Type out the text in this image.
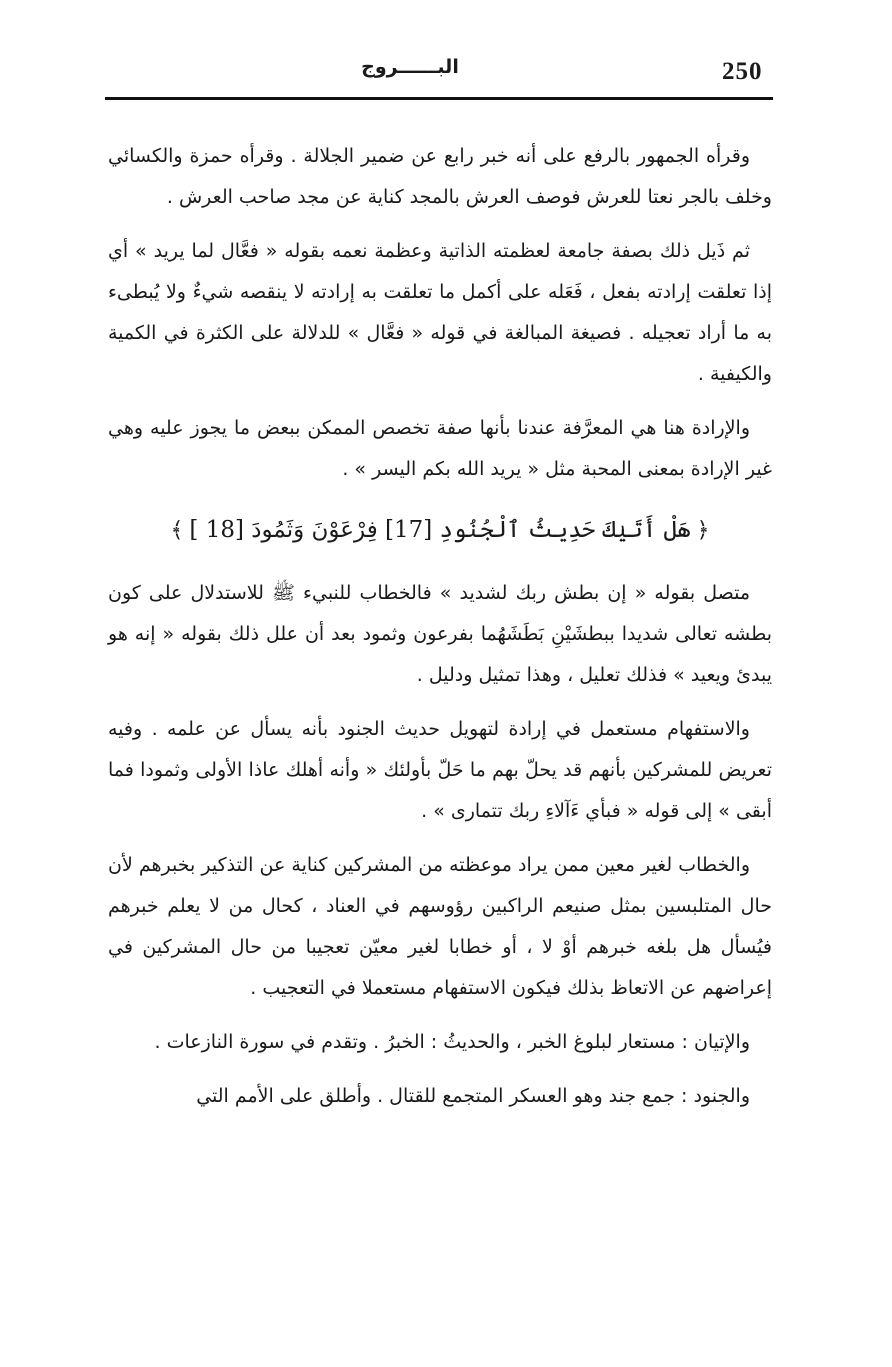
250
البــــــروج

وقرأه الجمهور بالرفع على أنه خبر رابع عن ضمير الجلالة . وقرأه حمزة والكسائي وخلف بالجر نعتا للعرش فوصف العرش بالمجد كناية عن مجد صاحب العرش .

ثم ذَيل ذلك بصفة جامعة لعظمته الذاتية وعظمة نعمه بقوله « فعَّال لما يريد » أي إذا تعلقت إرادته بفعل ، فَعَله على أكمل ما تعلقت به إرادته لا ينقصه شيءٌ ولا يُبطىء به ما أراد تعجيله . فصيغة المبالغة في قوله « فعَّال » للدلالة على الكثرة في الكمية والكيفية .

والإرادة هنا هي المعرَّفة عندنا بأنها صفة تخصص الممكن ببعض ما يجوز عليه وهي غير الإرادة بمعنى المحبة مثل « يريد الله بكم اليسر » .

﴿هَلْ أَتَيٰكَ حَدِيثُ ٱلْجُنُودِ [17] فِرْعَوْنَ وَثَمُودَ [18 ]﴾

متصل بقوله « إن بطش ربك لشديد » فالخطاب للنبيء ﷺ للاستدلال على كون بطشه تعالى شديدا ببطشَيْنِ بَطَشَهُما بفرعون وثمود بعد أن علل ذلك بقوله « إنه هو يبدئ ويعيد » فذلك تعليل ، وهذا تمثيل ودليل .

والاستفهام مستعمل في إرادة لتهويل حديث الجنود بأنه يسأل عن علمه . وفيه تعريض للمشركين بأنهم قد يحلّ بهم ما حَلّ بأولئك « وأنه أهلك عاذا الأولى وثمودا فما أبقى » إلى قوله « فبأي ءَآلاءِ ربك تتمارى » .

والخطاب لغير معين ممن يراد موعظته من المشركين كناية عن التذكير بخبرهم لأن حال المتلبسين بمثل صنيعم الراكبين رؤوسهم في العناد ، كحال من لا يعلم خبرهم فيُسأل هل بلغه خبرهم أوْ لا ، أو خطابا لغير معيّن تعجيبا من حال المشركين في إعراضهم عن الاتعاظ بذلك فيكون الاستفهام مستعملا في التعجيب .

والإتيان : مستعار لبلوغ الخبر ، والحديثُ : الخبرُ . وتقدم في سورة النازعات .

والجنود : جمع جند وهو العسكر المتجمع للقتال . وأطلق على الأمم التي
